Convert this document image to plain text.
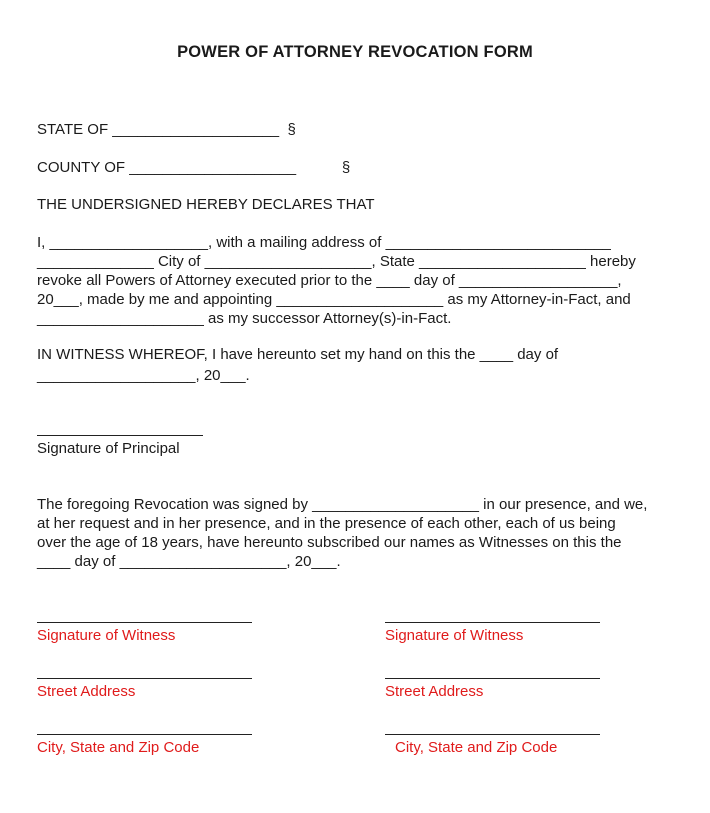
POWER OF ATTORNEY REVOCATION FORM
STATE OF ____________________  §
COUNTY OF ____________________           §
THE UNDERSIGNED HEREBY DECLARES THAT
I, ___________________, with a mailing address of ___________________________
______________ City of ____________________, State ____________________ hereby
revoke all Powers of Attorney executed prior to the ____ day of ___________________,
20___, made by me and appointing ____________________ as my Attorney-in-Fact, and
____________________ as my successor Attorney(s)-in-Fact.
IN WITNESS WHEREOF, I have hereunto set my hand on this the ____ day of
___________________, 20___.
Signature of Principal
The foregoing Revocation was signed by ____________________ in our presence, and we,
at her request and in her presence, and in the presence of each other, each of us being
over the age of 18 years, have hereunto subscribed our names as Witnesses on this the
____ day of ____________________, 20___.
Signature of Witness
Street Address
City, State and Zip Code
Signature of Witness
Street Address
City, State and Zip Code
